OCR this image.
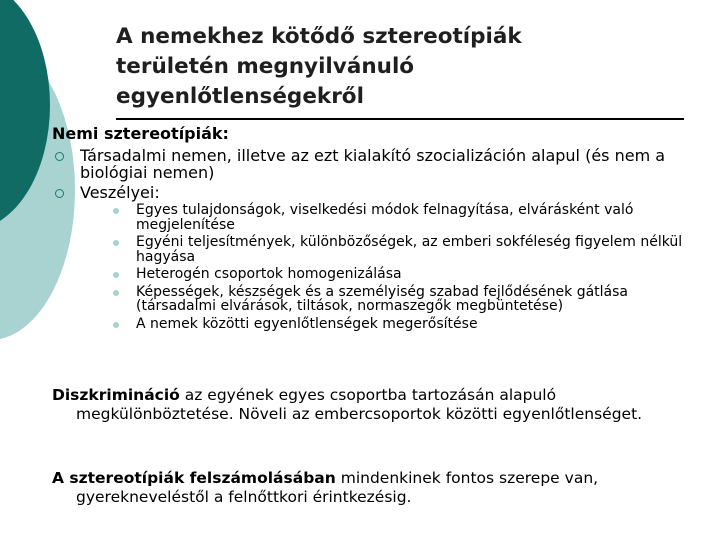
A nemekhez kötődő sztereotípiák
területén megnyilvánuló
egyenlőtlenségekről

Nemi sztereotípiák:

Társadalmi nemen, illetve az ezt kialakító szocializáción alapul (és nem a biológiai nemen)
Veszélyei:
Egyes tulajdonságok, viselkedési módok felnagyítása, elvárásként való megjelenítése
Egyéni teljesítmények, különbözőségek, az emberi sokféleség figyelem nélkül hagyása
Heterogén csoportok homogenizálása
Képességek, készségek és a személyiség szabad fejlődésének gátlása (társadalmi elvárások, tiltások, normaszegők megbüntetése)
A nemek közötti egyenlőtlenségek megerősítése

Diszkrimináció az egyének egyes csoportba tartozásán alapuló megkülönböztetése. Növeli az embercsoportok közötti egyenlőtlenséget.

A sztereotípiák felszámolásában mindenkinek fontos szerepe van, gyerekneveléstől a felnőttkori érintkezésig.
